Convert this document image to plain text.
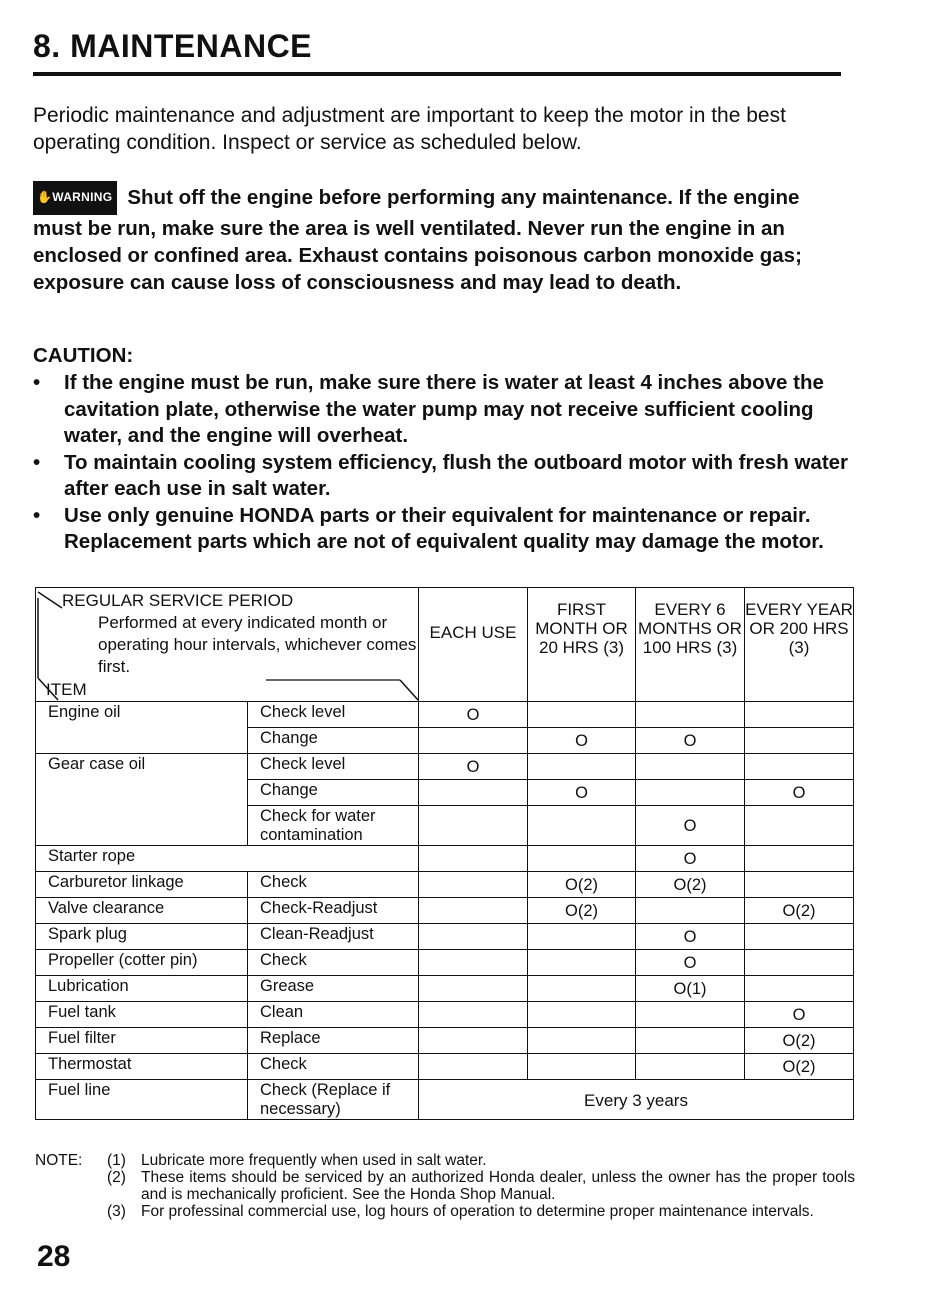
8. MAINTENANCE
Periodic maintenance and adjustment are important to keep the motor in the best operating condition. Inspect or service as scheduled below.
✋WARNING Shut off the engine before performing any maintenance. If the engine must be run, make sure the area is well ventilated. Never run the engine in an enclosed or confined area. Exhaust contains poisonous carbon monoxide gas; exposure can cause loss of consciousness and may lead to death.
CAUTION:
• If the engine must be run, make sure there is water at least 4 inches above the cavitation plate, otherwise the water pump may not receive sufficient cooling water, and the engine will overheat.
• To maintain cooling system efficiency, flush the outboard motor with fresh water after each use in salt water.
• Use only genuine HONDA parts or their equivalent for maintenance or repair. Replacement parts which are not of equivalent quality may damage the motor.
REGULAR SERVICE PERIOD
Performed at every indicated month or operating hour intervals, whichever comes first.
ITEM		EACH USE	FIRST MONTH OR 20 HRS (3)	EVERY 6 MONTHS OR 100 HRS (3)	EVERY YEAR OR 200 HRS (3)
Engine oil	Check level	O			
	Change		O	O	
Gear case oil	Check level	O			
	Change		O		O
	Check for water contamination			O	
Starter rope				O	
Carburetor linkage	Check		O(2)	O(2)	
Valve clearance	Check-Readjust		O(2)		O(2)
Spark plug	Clean-Readjust			O	
Propeller (cotter pin)	Check			O	
Lubrication	Grease			O(1)	
Fuel tank	Clean				O
Fuel filter	Replace				O(2)
Thermostat	Check				O(2)
Fuel line	Check (Replace if necessary)	Every 3 years			
NOTE: (1) Lubricate more frequently when used in salt water.
(2) These items should be serviced by an authorized Honda dealer, unless the owner has the proper tools and is mechanically proficient. See the Honda Shop Manual.
(3) For professinal commercial use, log hours of operation to determine proper maintenance intervals.
28
